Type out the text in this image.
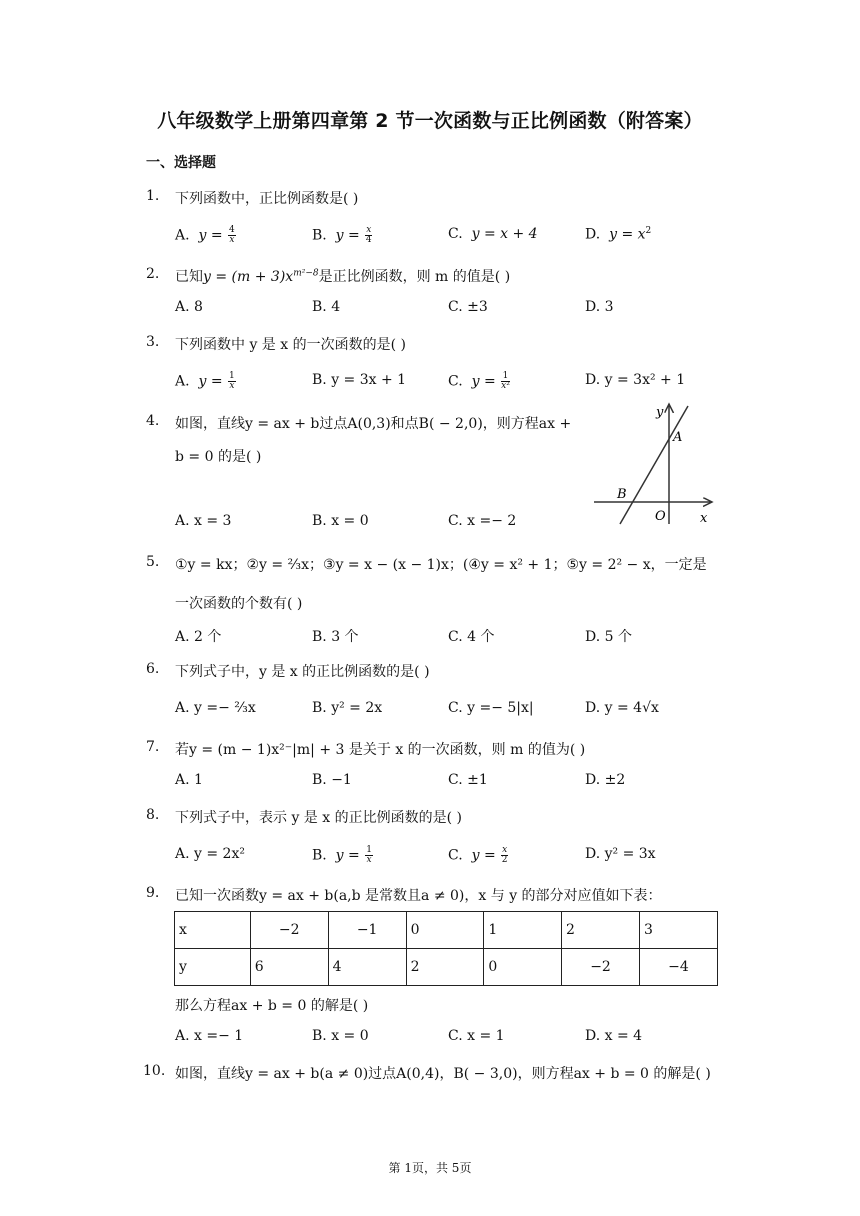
八年级数学上册第四章第 2 节一次函数与正比例函数（附答案）
一、选择题
1. 下列函数中，正比例函数是( )
A. $y = \frac{4}{x}$	B. $y = \frac{x}{4}$	C. y = x + 4	D. $y = x^2$
2. 已知$y = (m + 3)x^{m^2-8}$是正比例函数，则 m 的值是( )
A. 8	B. 4	C. ±3	D. 3
3. 下列函数中 y 是 x 的一次函数的是( )
A.  $y = \frac{1}{x}$	B. y = 3x + 1	C.  $y = \frac{1}{\text{x²}}$	D. y = 3x² + 1
4. 如图，直线y = ax + b过点A(0,3)和点B( − 2,0)，则方程ax +
b = 0 的是( )
A. x = 3	B. x = 0	C. x =− 2
y
x
A
B
O
5. ①y = kx；②y = ⅔x；③y = x − (x − 1)x；(④y = x² + 1；⑤y = 2² − x，一定是
一次函数的个数有( )
A. 2 个	B. 3 个	C. 4 个	D. 5 个
6. 下列式子中，y 是 x 的正比例函数的是( )
A. y =− ⅔x	B. y² = 2x	C. y =− 5|x|	D. y = 4√x
7. 若y = (m − 1)x²⁻|m| + 3 是关于 x 的一次函数，则 m 的值为( )
A. 1	B. −1	C. ±1	D. ±2
8. 下列式子中，表示 y 是 x 的正比例函数的是( )
A. y = 2x²	B.  $y = \frac{1}{x}$	C.  $y = \frac{x}{2}$	D. y² = 3x
9. 已知一次函数y = ax + b(a,b 是常数且a ≠ 0)，x 与 y 的部分对应值如下表：
x	−2	−1	0	1	2	3
y	6	4	2	0	−2	−4
那么方程ax + b = 0 的解是( )
A. x =− 1	B. x = 0	C. x = 1	D. x = 4
10. 如图，直线y = ax + b(a ≠ 0)过点A(0,4)，B( − 3,0)，则方程ax + b = 0 的解是( )
第 1页，共 5页
